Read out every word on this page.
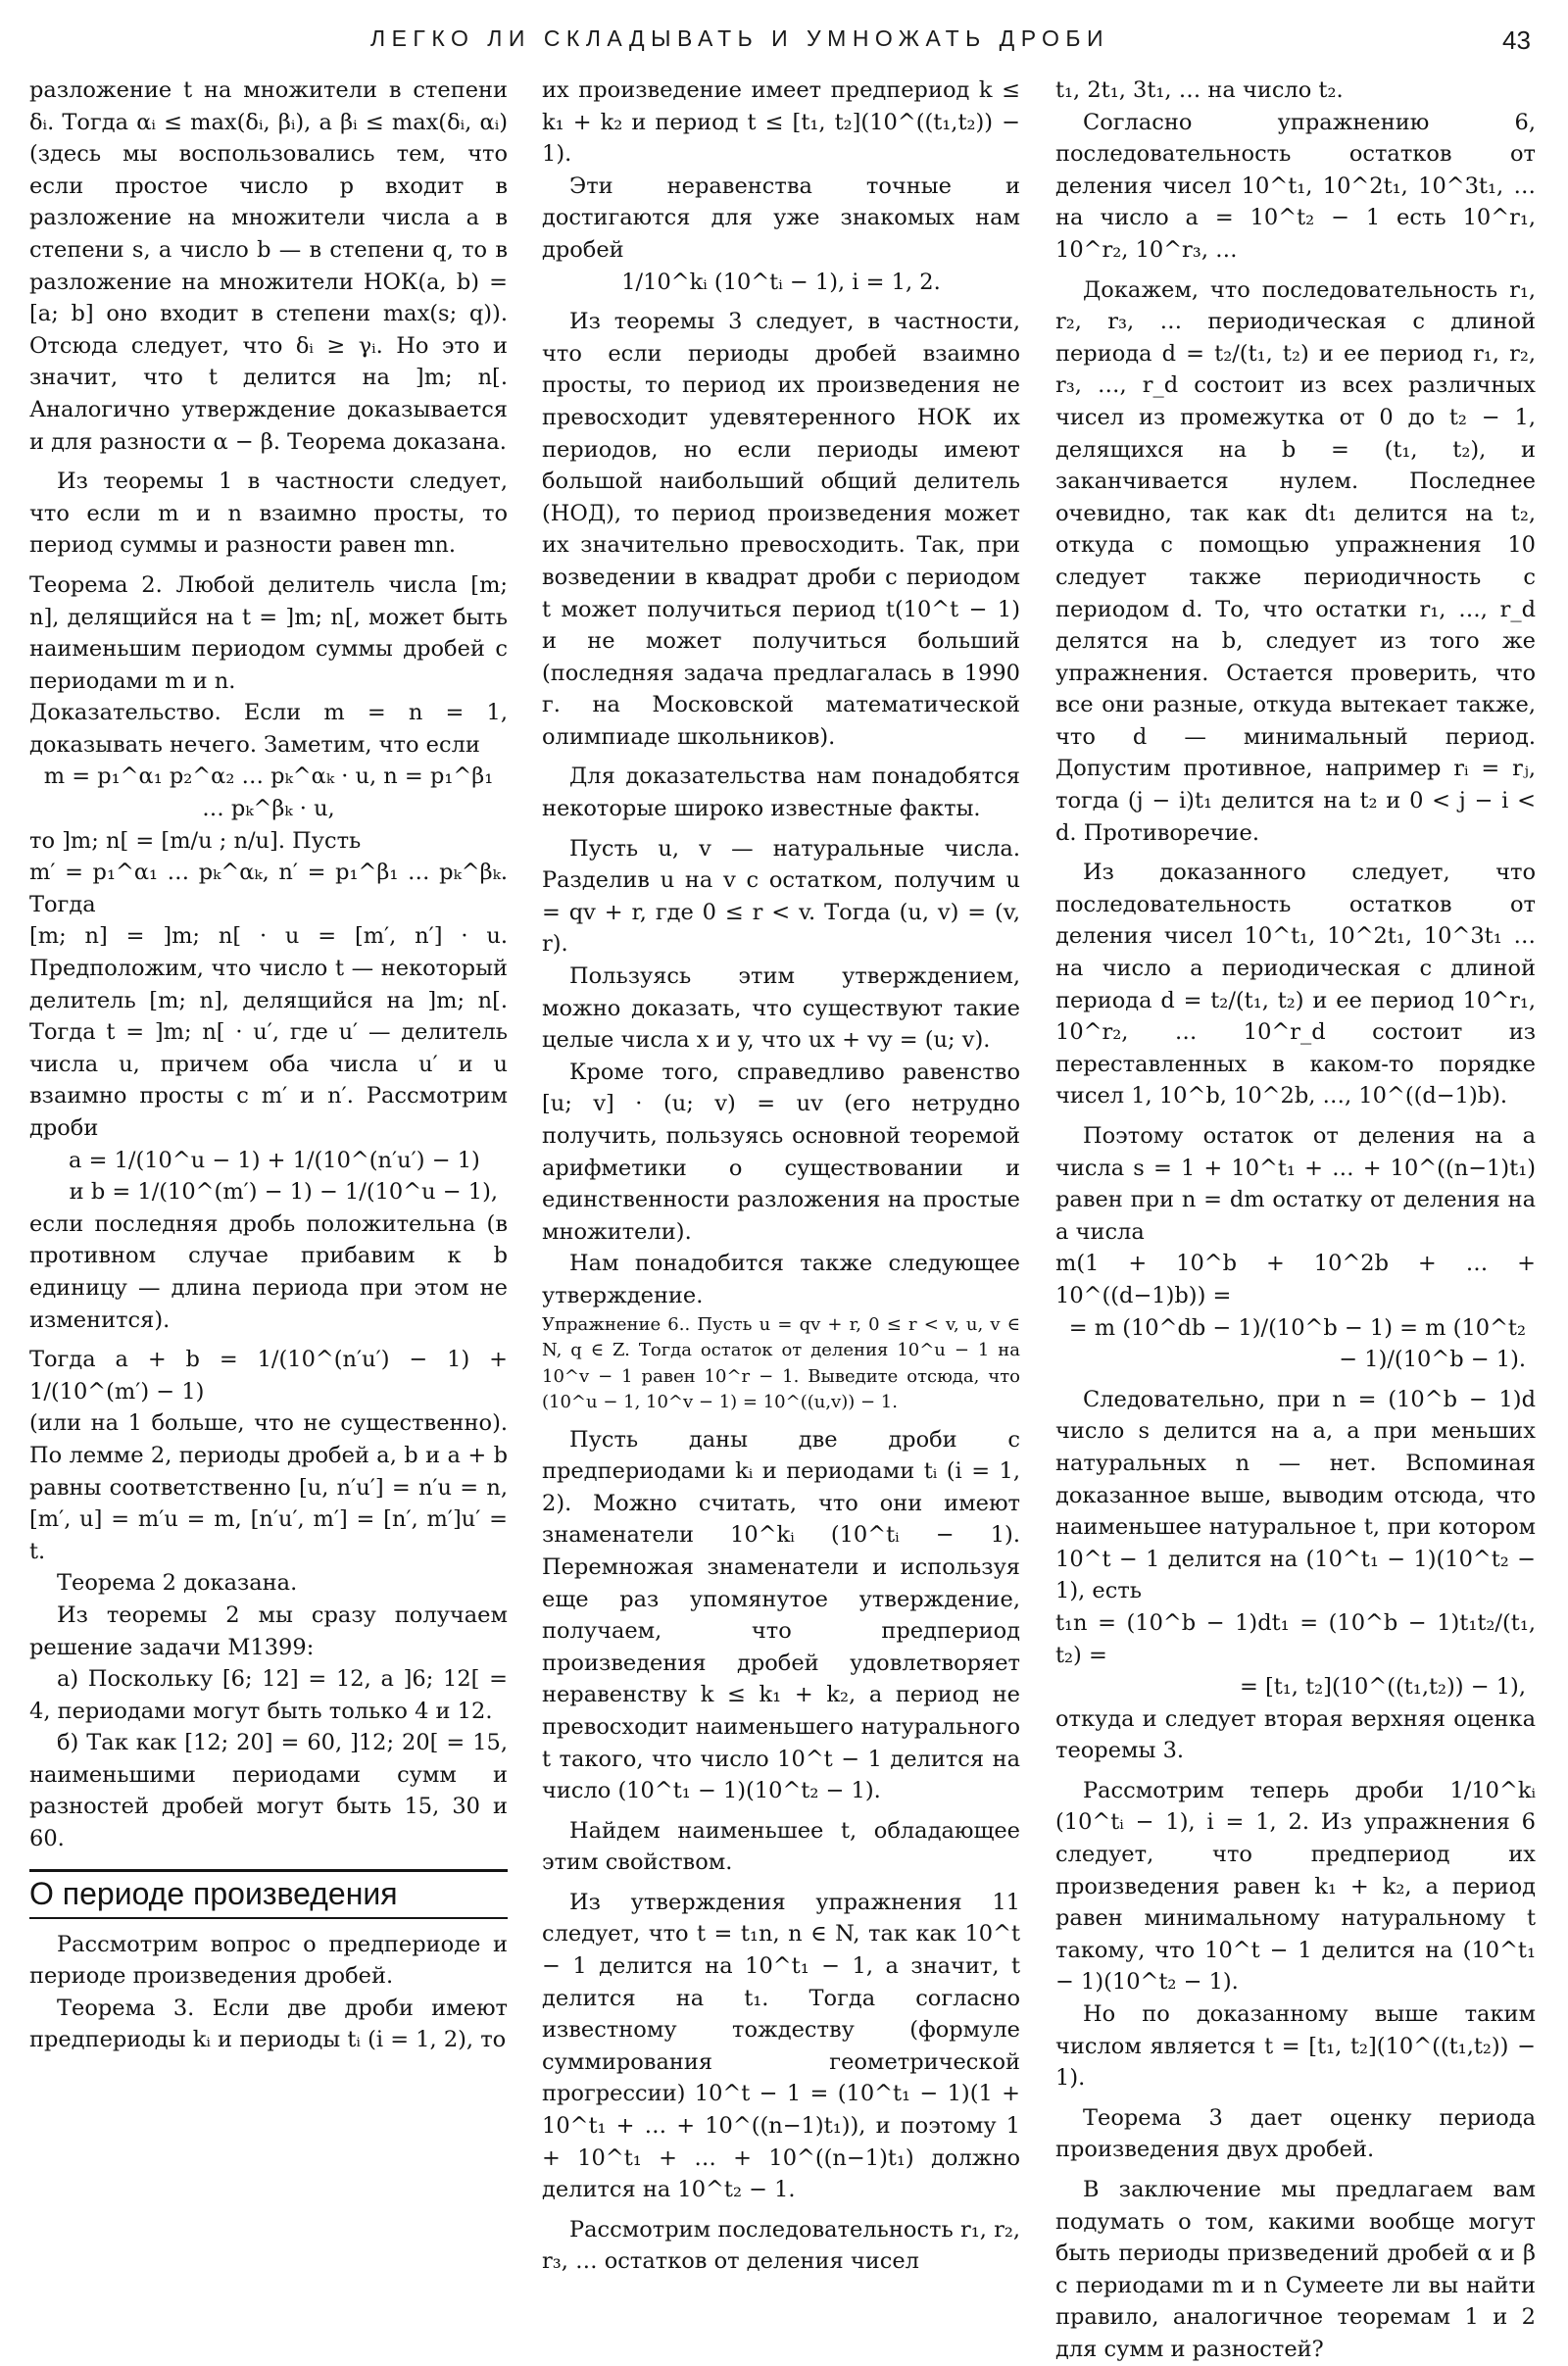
ЛЕГКО ЛИ СКЛАДЫВАТЬ И УМНОЖАТЬ ДРОБИ	43

разложение t на множители в степени δᵢ. Тогда αᵢ ≤ max(δᵢ, βᵢ), а βᵢ ≤ max(δᵢ, αᵢ) (здесь мы воспользовались тем, что если простое число p входит в разложение на множители числа a в степени s, а число b — в степени q, то в разложение на множители НОК(a, b) = [a; b] оно входит в степени max(s; q)). Отсюда следует, что δᵢ ≥ γᵢ. Но это и значит, что t делится на ]m; n[. Аналогично утверждение доказывается и для разности α − β. Теорема доказана.

Из теоремы 1 в частности следует, что если m и n взаимно просты, то период суммы и разности равен mn.

Теорема 2. Любой делитель числа [m; n], делящийся на t = ]m; n[, может быть наименьшим периодом суммы дробей с периодами m и n.

Доказательство. Если m = n = 1, доказывать нечего. Заметим, что если

m = p₁^α₁ p₂^α₂ … pₖ^αₖ · u, n = p₁^β₁ … pₖ^βₖ · u,

то ]m; n[ = [m/u ; n/u]. Пусть

m′ = p₁^α₁ … pₖ^αₖ, n′ = p₁^β₁ … pₖ^βₖ. Тогда

[m; n] = ]m; n[ · u = [m′, n′] · u. Предположим, что число t — некоторый делитель [m; n], делящийся на ]m; n[. Тогда t = ]m; n[ · u′, где u′ — делитель числа u, причем оба числа u′ и u взаимно просты с m′ и n′. Рассмотрим дроби

a = 1/(10^u − 1) + 1/(10^(n′u′) − 1)

и b = 1/(10^(m′) − 1) − 1/(10^u − 1),

если последняя дробь положительна (в противном случае прибавим к b единицу — длина периода при этом не изменится).

Тогда a + b = 1/(10^(n′u′) − 1) + 1/(10^(m′) − 1)

(или на 1 больше, что не существенно). По лемме 2, периоды дробей a, b и a + b равны соответственно [u, n′u′] = n′u = n, [m′, u] = m′u = m, [n′u′, m′] = [n′, m′]u′ = t.

Теорема 2 доказана.

Из теоремы 2 мы сразу получаем решение задачи М1399:

а) Поскольку [6; 12] = 12, а ]6; 12[ = 4, периодами могут быть только 4 и 12.

б) Так как [12; 20] = 60, ]12; 20[ = 15, наименьшими периодами сумм и разностей дробей могут быть 15, 30 и 60.

О периоде произведения

Рассмотрим вопрос о предпериоде и периоде произведения дробей.

Теорема 3. Если две дроби имеют предпериоды kᵢ и периоды tᵢ (i = 1, 2), то

их произведение имеет предпериод k ≤ k₁ + k₂ и период t ≤ [t₁, t₂](10^((t₁,t₂)) − 1).

Эти неравенства точные и достигаются для уже знакомых нам дробей

1/10^kᵢ (10^tᵢ − 1), i = 1, 2.

Из теоремы 3 следует, в частности, что если периоды дробей взаимно просты, то период их произведения не превосходит удевятеренного НОК их периодов, но если периоды имеют большой наибольший общий делитель (НОД), то период произведения может их значительно превосходить. Так, при возведении в квадрат дроби с периодом t может получиться период t(10^t − 1) и не может получиться больший (последняя задача предлагалась в 1990 г. на Московской математической олимпиаде школьников).

Для доказательства нам понадобятся некоторые широко известные факты.

Пусть u, v — натуральные числа. Разделив u на v с остатком, получим u = qv + r, где 0 ≤ r < v. Тогда (u, v) = (v, r).

Пользуясь этим утверждением, можно доказать, что существуют такие целые числа x и y, что ux + vy = (u; v).

Кроме того, справедливо равенство [u; v] · (u; v) = uv (его нетрудно получить, пользуясь основной теоремой арифметики о существовании и единственности разложения на простые множители).

Нам понадобится также следующее утверждение.

Упражнение 6.. Пусть u = qv + r, 0 ≤ r < v, u, v ∈ N, q ∈ Z. Тогда остаток от деления 10^u − 1 на 10^v − 1 равен 10^r − 1. Выведите отсюда, что (10^u − 1, 10^v − 1) = 10^((u,v)) − 1.

Пусть даны две дроби с предпериодами kᵢ и периодами tᵢ (i = 1, 2). Можно считать, что они имеют знаменатели 10^kᵢ (10^tᵢ − 1). Перемножая знаменатели и используя еще раз упомянутое утверждение, получаем, что предпериод произведения дробей удовлетворяет неравенству k ≤ k₁ + k₂, а период не превосходит наименьшего натурального t такого, что число 10^t − 1 делится на число (10^t₁ − 1)(10^t₂ − 1).

Найдем наименьшее t, обладающее этим свойством.

Из утверждения упражнения 11 следует, что t = t₁n, n ∈ N, так как 10^t − 1 делится на 10^t₁ − 1, а значит, t делится на t₁. Тогда согласно известному тождеству (формуле суммирования геометрической прогрессии) 10^t − 1 = (10^t₁ − 1)(1 + 10^t₁ + … + 10^((n−1)t₁)), и поэтому 1 + 10^t₁ + … + 10^((n−1)t₁) должно делится на 10^t₂ − 1.

Рассмотрим последовательность r₁, r₂, r₃, … остатков от деления чисел

t₁, 2t₁, 3t₁, … на число t₂.

Согласно упражнению 6, последовательность остатков от деления чисел 10^t₁, 10^2t₁, 10^3t₁, … на число a = 10^t₂ − 1 есть 10^r₁, 10^r₂, 10^r₃, …

Докажем, что последовательность r₁, r₂, r₃, … периодическая с длиной периода d = t₂/(t₁, t₂) и ее период r₁, r₂, r₃, …, r_d состоит из всех различных чисел из промежутка от 0 до t₂ − 1, делящихся на b = (t₁, t₂), и заканчивается нулем. Последнее очевидно, так как dt₁ делится на t₂, откуда с помощью упражнения 10 следует также периодичность с периодом d. То, что остатки r₁, …, r_d делятся на b, следует из того же упражнения. Остается проверить, что все они разные, откуда вытекает также, что d — минимальный период. Допустим противное, например rᵢ = rⱼ, тогда (j − i)t₁ делится на t₂ и 0 < j − i < d. Противоречие.

Из доказанного следует, что последовательность остатков от деления чисел 10^t₁, 10^2t₁, 10^3t₁ … на число a периодическая с длиной периода d = t₂/(t₁, t₂) и ее период 10^r₁, 10^r₂, … 10^r_d состоит из переставленных в каком-то порядке чисел 1, 10^b, 10^2b, …, 10^((d−1)b).

Поэтому остаток от деления на a числа s = 1 + 10^t₁ + … + 10^((n−1)t₁) равен при n = dm остатку от деления на a числа

m(1 + 10^b + 10^2b + … + 10^((d−1)b)) =

= m (10^db − 1)/(10^b − 1) = m (10^t₂ − 1)/(10^b − 1).

Следовательно, при n = (10^b − 1)d число s делится на a, а при меньших натуральных n — нет. Вспоминая доказанное выше, выводим отсюда, что наименьшее натуральное t, при котором 10^t − 1 делится на (10^t₁ − 1)(10^t₂ − 1), есть

t₁n = (10^b − 1)dt₁ = (10^b − 1)t₁t₂/(t₁, t₂) =

= [t₁, t₂](10^((t₁,t₂)) − 1),

откуда и следует вторая верхняя оценка теоремы 3.

Рассмотрим теперь дроби 1/10^kᵢ (10^tᵢ − 1), i = 1, 2. Из упражнения 6 следует, что предпериод их произведения равен k₁ + k₂, а период равен минимальному натуральному t такому, что 10^t − 1 делится на (10^t₁ − 1)(10^t₂ − 1).

Но по доказанному выше таким числом является t = [t₁, t₂](10^((t₁,t₂)) − 1).

Теорема 3 дает оценку периода произведения двух дробей.

В заключение мы предлагаем вам подумать о том, какими вообще могут быть периоды призведений дробей α и β с периодами m и n Сумеете ли вы найти правило, аналогичное теоремам 1 и 2 для сумм и разностей?
